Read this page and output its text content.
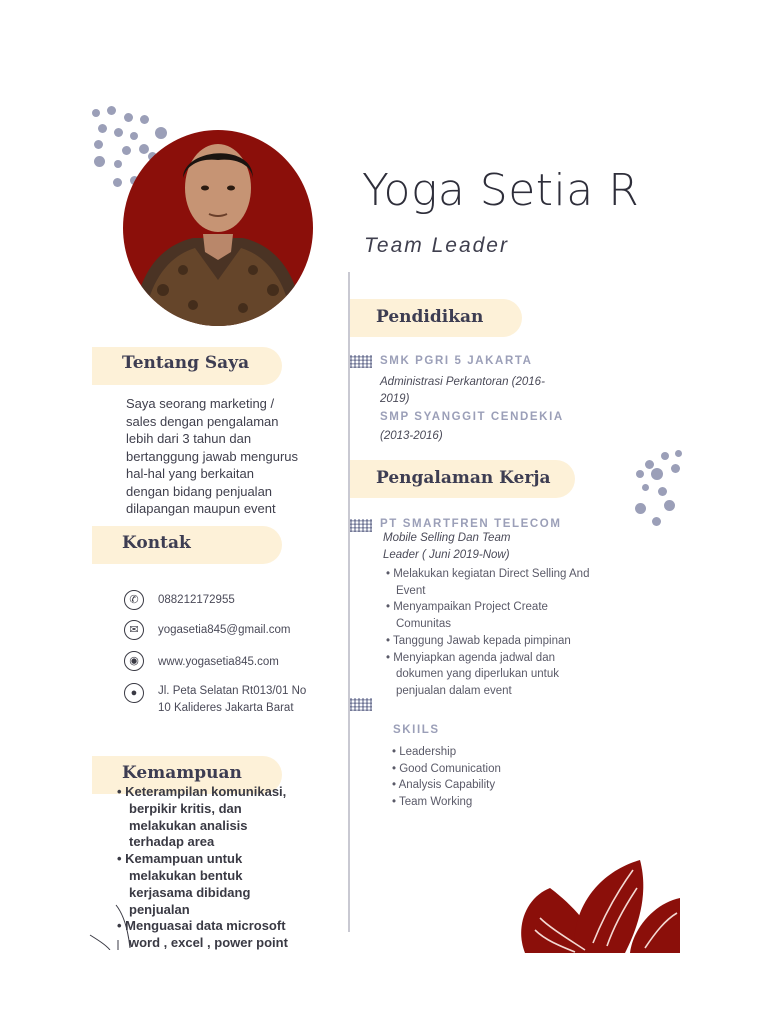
Yoga Setia R
Team Leader
Tentang Saya
Saya seorang marketing /
sales dengan pengalaman
lebih dari 3 tahun dan
bertanggung jawab mengurus
hal-hal yang berkaitan
dengan bidang penjualan
dilapangan maupun event
Kontak
✆	088212172955
✉	yogasetia845@gmail.com
◉	www.yogasetia845.com
●	Jl. Peta Selatan Rt013/01 No
10 Kalideres Jakarta Barat
Kemampuan
• Keterampilan komunikasi,
berpikir kritis, dan
melakukan analisis
terhadap area
• Kemampuan untuk
melakukan bentuk
kerjasama dibidang
penjualan
• Menguasai data microsoft
word , excel , power point
Pendidikan
SMK PGRI 5 JAKARTA
Administrasi Perkantoran (2016-
2019)
SMP SYANGGIT CENDEKIA
(2013-2016)
Pengalaman Kerja
PT SMARTFREN TELECOM
Mobile Selling Dan Team
Leader ( Juni 2019-Now)
• Melakukan kegiatan Direct Selling And
Event
• Menyampaikan Project Create
Comunitas
• Tanggung Jawab kepada pimpinan
• Menyiapkan agenda jadwal dan
dokumen yang diperlukan untuk
penjualan dalam event
SKIILS
• Leadership
• Good Comunication
• Analysis Capability
• Team Working
